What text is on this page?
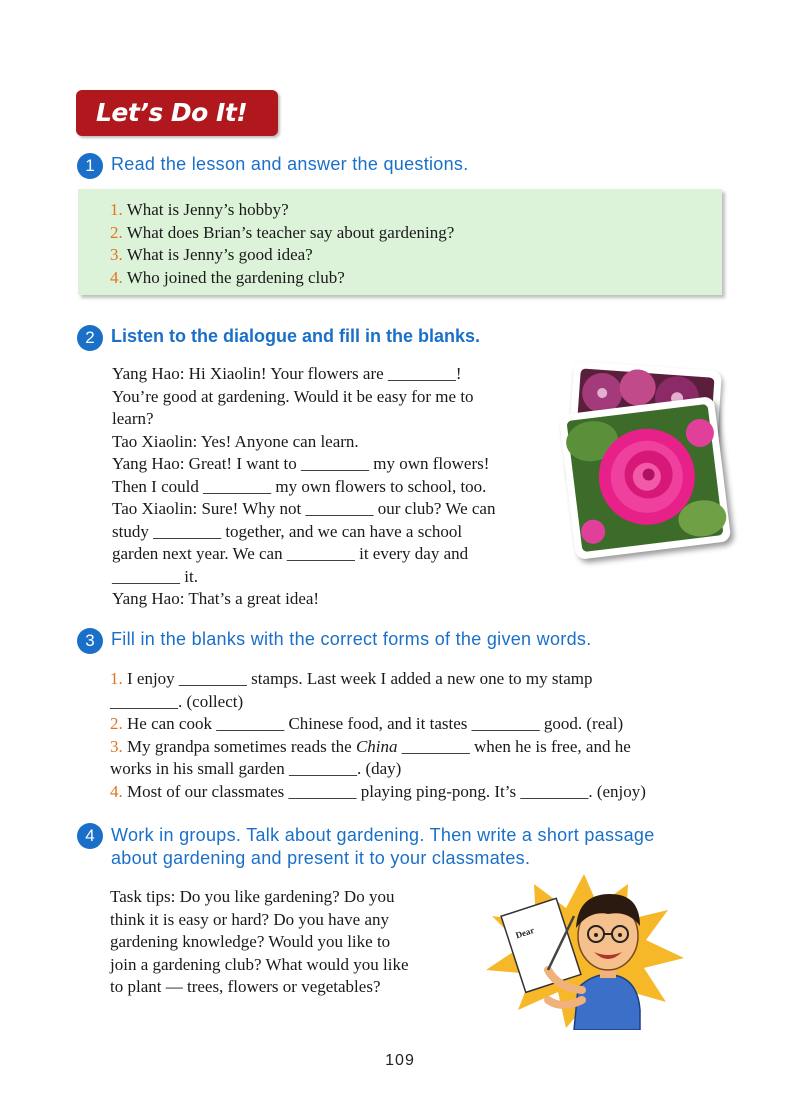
Let’s Do It!
1 Read the lesson and answer the questions.
1. What is Jenny’s hobby?
2. What does Brian’s teacher say about gardening?
3. What is Jenny’s good idea?
4. Who joined the gardening club?
2 Listen to the dialogue and fill in the blanks.
Yang Hao: Hi Xiaolin! Your flowers are ________!
You’re good at gardening. Would it be easy for me to
learn?
Tao Xiaolin: Yes! Anyone can learn.
Yang Hao: Great! I want to ________ my own flowers!
Then I could ________ my own flowers to school, too.
Tao Xiaolin: Sure! Why not ________ our club? We can
study ________ together, and we can have a school
garden next year. We can ________ it every day and
________ it.
Yang Hao: That’s a great idea!
3 Fill in the blanks with the correct forms of the given words.
1. I enjoy ________ stamps. Last week I added a new one to my stamp
________. (collect)
2. He can cook ________ Chinese food, and it tastes ________ good. (real)
3. My grandpa sometimes reads the China ________ when he is free, and he
works in his small garden ________. (day)
4. Most of our classmates ________ playing ping-pong. It’s ________. (enjoy)
4 Work in groups. Talk about gardening. Then write a short passage
about gardening and present it to your classmates.
Task tips: Do you like gardening? Do you
think it is easy or hard? Do you have any
gardening knowledge? Would you like to
join a gardening club? What would you like
to plant — trees, flowers or vegetables?
Dear
109
